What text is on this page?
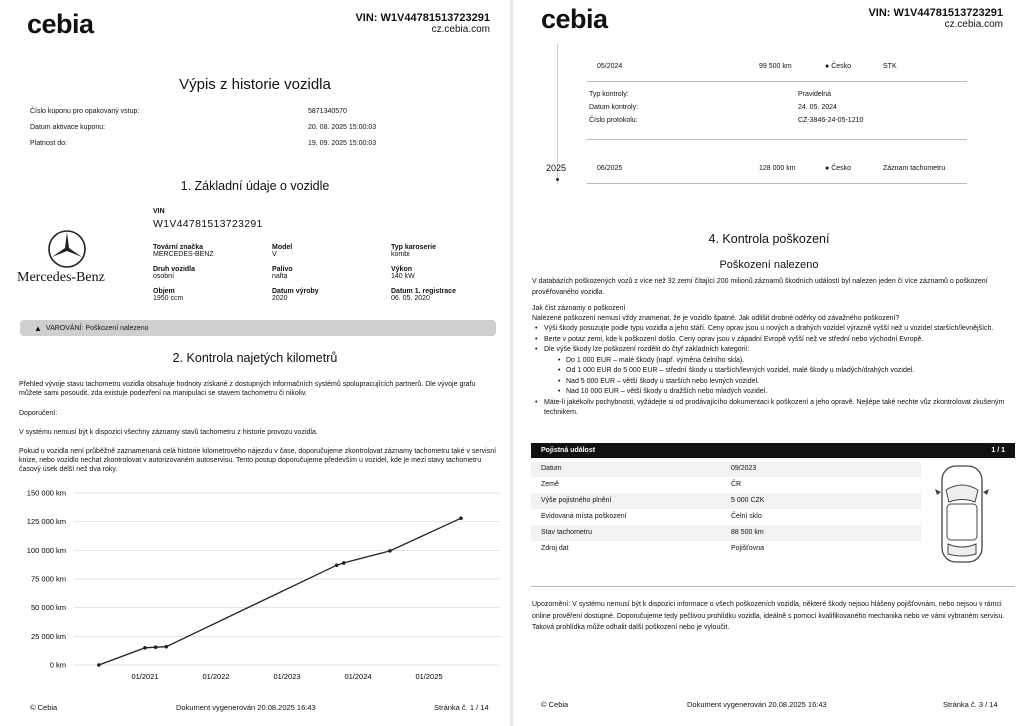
cebia	VIN: W1V44781513723291
cz.cebia.com
Výpis z historie vozidla
Číslo kuponu pro opakovaný vstup:	5871340570
Datum aktivace kuponu:	20. 08. 2025 15:00:03
Platnost do:	19. 09. 2025 15:00:03
1. Základní údaje o vozidle
VIN
W1V44781513723291
Mercedes-Benz
Tovární značka
MERCEDES-BENZ
Model
V
Typ karoserie
kombi
Druh vozidla
osobní
Palivo
nafta
Výkon
140 kW
Objem
1950 ccm
Datum výroby
2020
Datum 1. registrace
06. 05. 2020
▲ VAROVÁNÍ: Poškození nalezeno
2. Kontrola najetých kilometrů
Přehled vývoje stavu tachometru vozidla obsahuje hodnoty získané z dostupných informačních systémů spolupracujících partnerů. Dle vývoje grafu můžete sami posoudit, zda existuje podezření na manipulaci se stavem tachometru či nikoliv.
Doporučení:
V systému nemusí být k dispozici všechny záznamy stavů tachometru z historie provozu vozidla.
Pokud u vozidla není průběžně zaznamenaná celá historie kilometrového nájezdu v čase, doporučujeme zkontrolovat záznamy tachometru také v servisní knize, nebo vozidlo nechat zkontrolovat v autorizovaném autoservisu. Tento postup doporučujeme především u vozidel, kde je mezi stavy tachometru časový úsek delší než dva roky.
0 km
25 000 km
50 000 km
75 000 km
100 000 km
125 000 km
150 000 km
01/2021	01/2022	01/2023	01/2024	01/2025
© Cebia	Dokument vygenerován 20.08.2025 16:43	Stránka č. 1 / 14
cebia	VIN: W1V44781513723291
cz.cebia.com
05/2024	99 500 km	● Česko	STK
Typ kontroly:	Pravidelná
Datum kontroly:	24. 05. 2024
Číslo protokolu:	CZ-3846-24-05-1210
2025	06/2025	128 000 km	● Česko	Záznam tachometru
4. Kontrola poškození
Poškození nalezeno
V databázích poškozených vozů z více než 32 zemí čítající 200 milionů záznamů škodních událostí byl nalezen jeden či více záznamů o poškození prověřovaného vozidla.
Jak číst záznamy o poškození
Nalezené poškození nemusí vždy znamenat, že je vozidlo špatné. Jak odlišit drobné oděrky od závažného poškození?
• Výši škody posuzujte podle typu vozidla a jeho stáří. Ceny oprav jsou u nových a drahých vozidel výrazně vyšší než u vozidel starších/levnějších.
• Berte v potaz zemi, kde k poškození došlo. Ceny oprav jsou v západní Evropě vyšší než ve střední nebo východní Evropě.
• Dle výše škody lze poškození rozdělit do čtyř základních kategorií:
• Do 1 000 EUR – malé škody (např. výměna čelního skla).
• Od 1 000 EUR do 5 000 EUR – střední škody u starších/levných vozidel, malé škody u mladých/drahých vozidel.
• Nad 5 000 EUR – větší škody u starších nebo levných vozidel.
• Nad 10 000 EUR – větší škody u dražších nebo mladých vozidel.
• Máte-li jakékoliv pochybnosti, vyžádejte si od prodávajícího dokumentaci k poškození a jeho opravě. Nejlépe také nechte vůz zkontrolovat zkušeným technikem.
Pojistná událost	1 / 1
Datum	09/2023
Země	ČR
Výše pojistného plnění	5 000 CZK
Evidovaná místa poškození	Čelní sklo
Stav tachometru	88 500 km
Zdroj dat	Pojišťovna
Upozornění: V systému nemusí být k dispozici informace o všech poškozeních vozidla, některé škody nejsou hlášeny pojišťovnám, nebo nejsou v rámci online prověření dostupné. Doporučujeme tedy pečlivou prohlídku vozidla, ideálně s pomocí kvalifikovaného mechanika nebo ve vámi vybraném servisu. Taková prohlídka může odhalit další poškození nebo je vyloučit.
© Cebia	Dokument vygenerován 20.08.2025 16:43	Stránka č. 3 / 14
